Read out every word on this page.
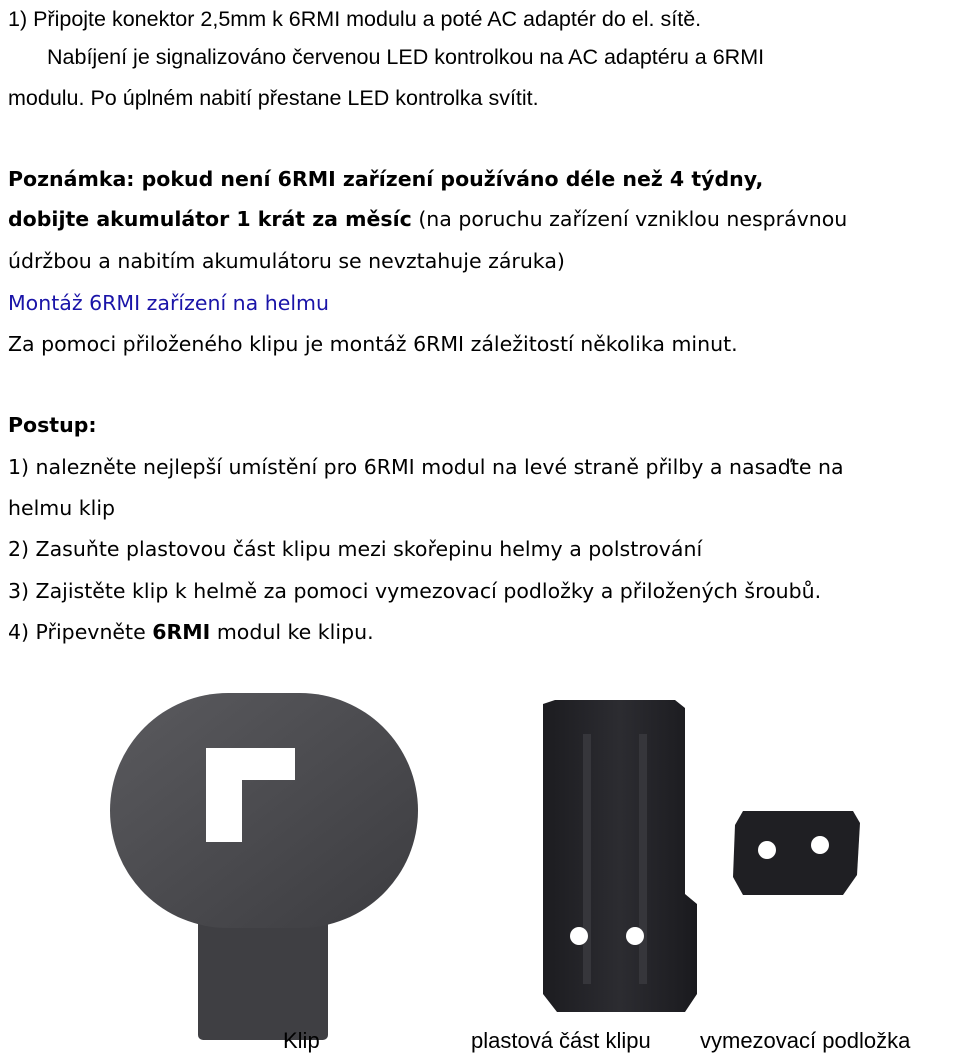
1) Připojte konektor 2,5mm k 6RMI modulu a poté AC adaptér do el. sítě.
Nabíjení je signalizováno červenou LED kontrolkou na AC adaptéru a 6RMI
modulu. Po úplném nabití přestane LED kontrolka svítit.
Poznámka: pokud není 6RMI zařízení používáno déle než 4 týdny,
dobijte akumulátor 1 krát za měsíc (na poruchu zařízení vzniklou nesprávnou
údržbou a nabitím akumulátoru se nevztahuje záruka)
Montáž 6RMI zařízení na helmu
Za pomoci přiloženého klipu je montáž 6RMI záležitostí několika minut.
Postup:
1) nalezněte nejlepší umístění pro 6RMI modul na levé straně přilby a nasaďte na
helmu klip
2) Zasuňte plastovou část klipu mezi skořepinu helmy a polstrování
3) Zajistěte klip k helmě za pomoci vymezovací podložky a přiložených šroubů.
4) Připevněte 6RMI modul ke klipu.
Klip	plastová část klipu vymezovací podložka
